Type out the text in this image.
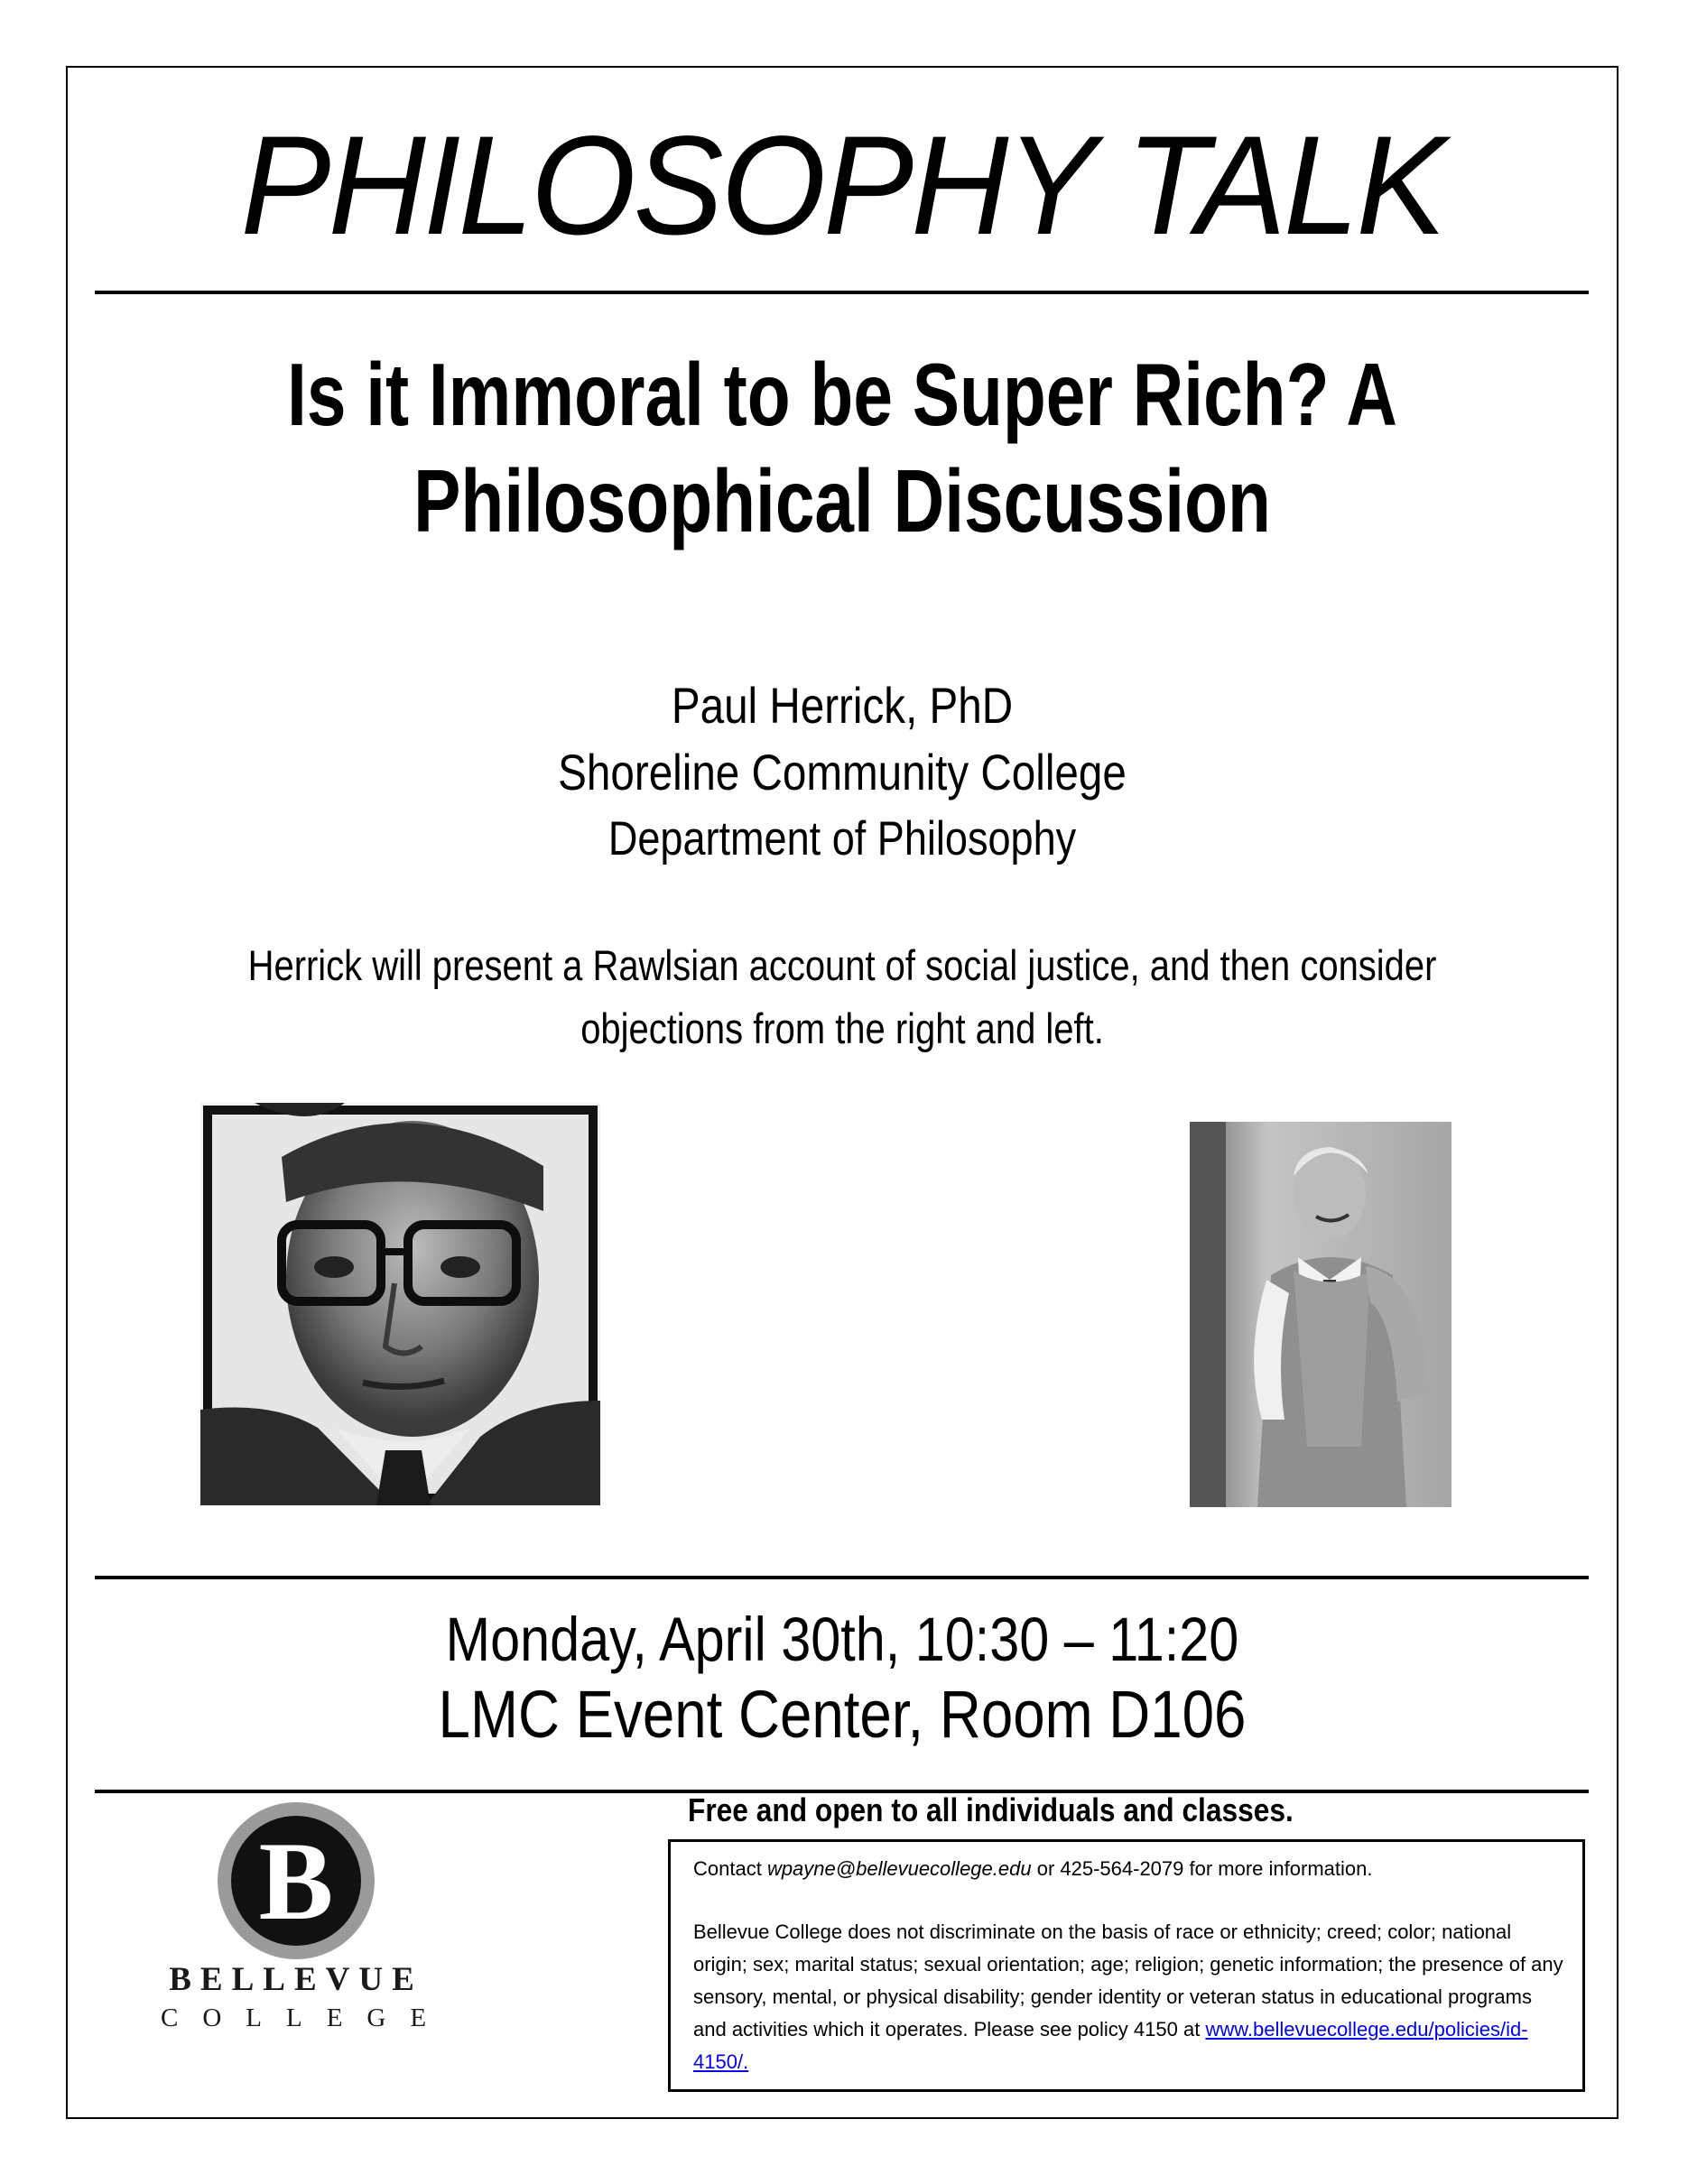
PHILOSOPHY TALK
Is it Immoral to be Super Rich? A
Philosophical Discussion
Paul Herrick, PhD
Shoreline Community College
Department of Philosophy
Herrick will present a Rawlsian account of social justice, and then consider
objections from the right and left.
Monday, April 30th, 10:30 – 11:20
LMC Event Center, Room D106
B
BELLEVUE
COLLEGE
Free and open to all individuals and classes.

Contact wpayne@bellevuecollege.edu or 425-564-2079 for more information.

Bellevue College does not discriminate on the basis of race or ethnicity; creed; color; national origin; sex; marital status; sexual orientation; age; religion; genetic information; the presence of any sensory, mental, or physical disability; gender identity or veteran status in educational programs and activities which it operates. Please see policy 4150 at www.bellevuecollege.edu/policies/id-4150/.
